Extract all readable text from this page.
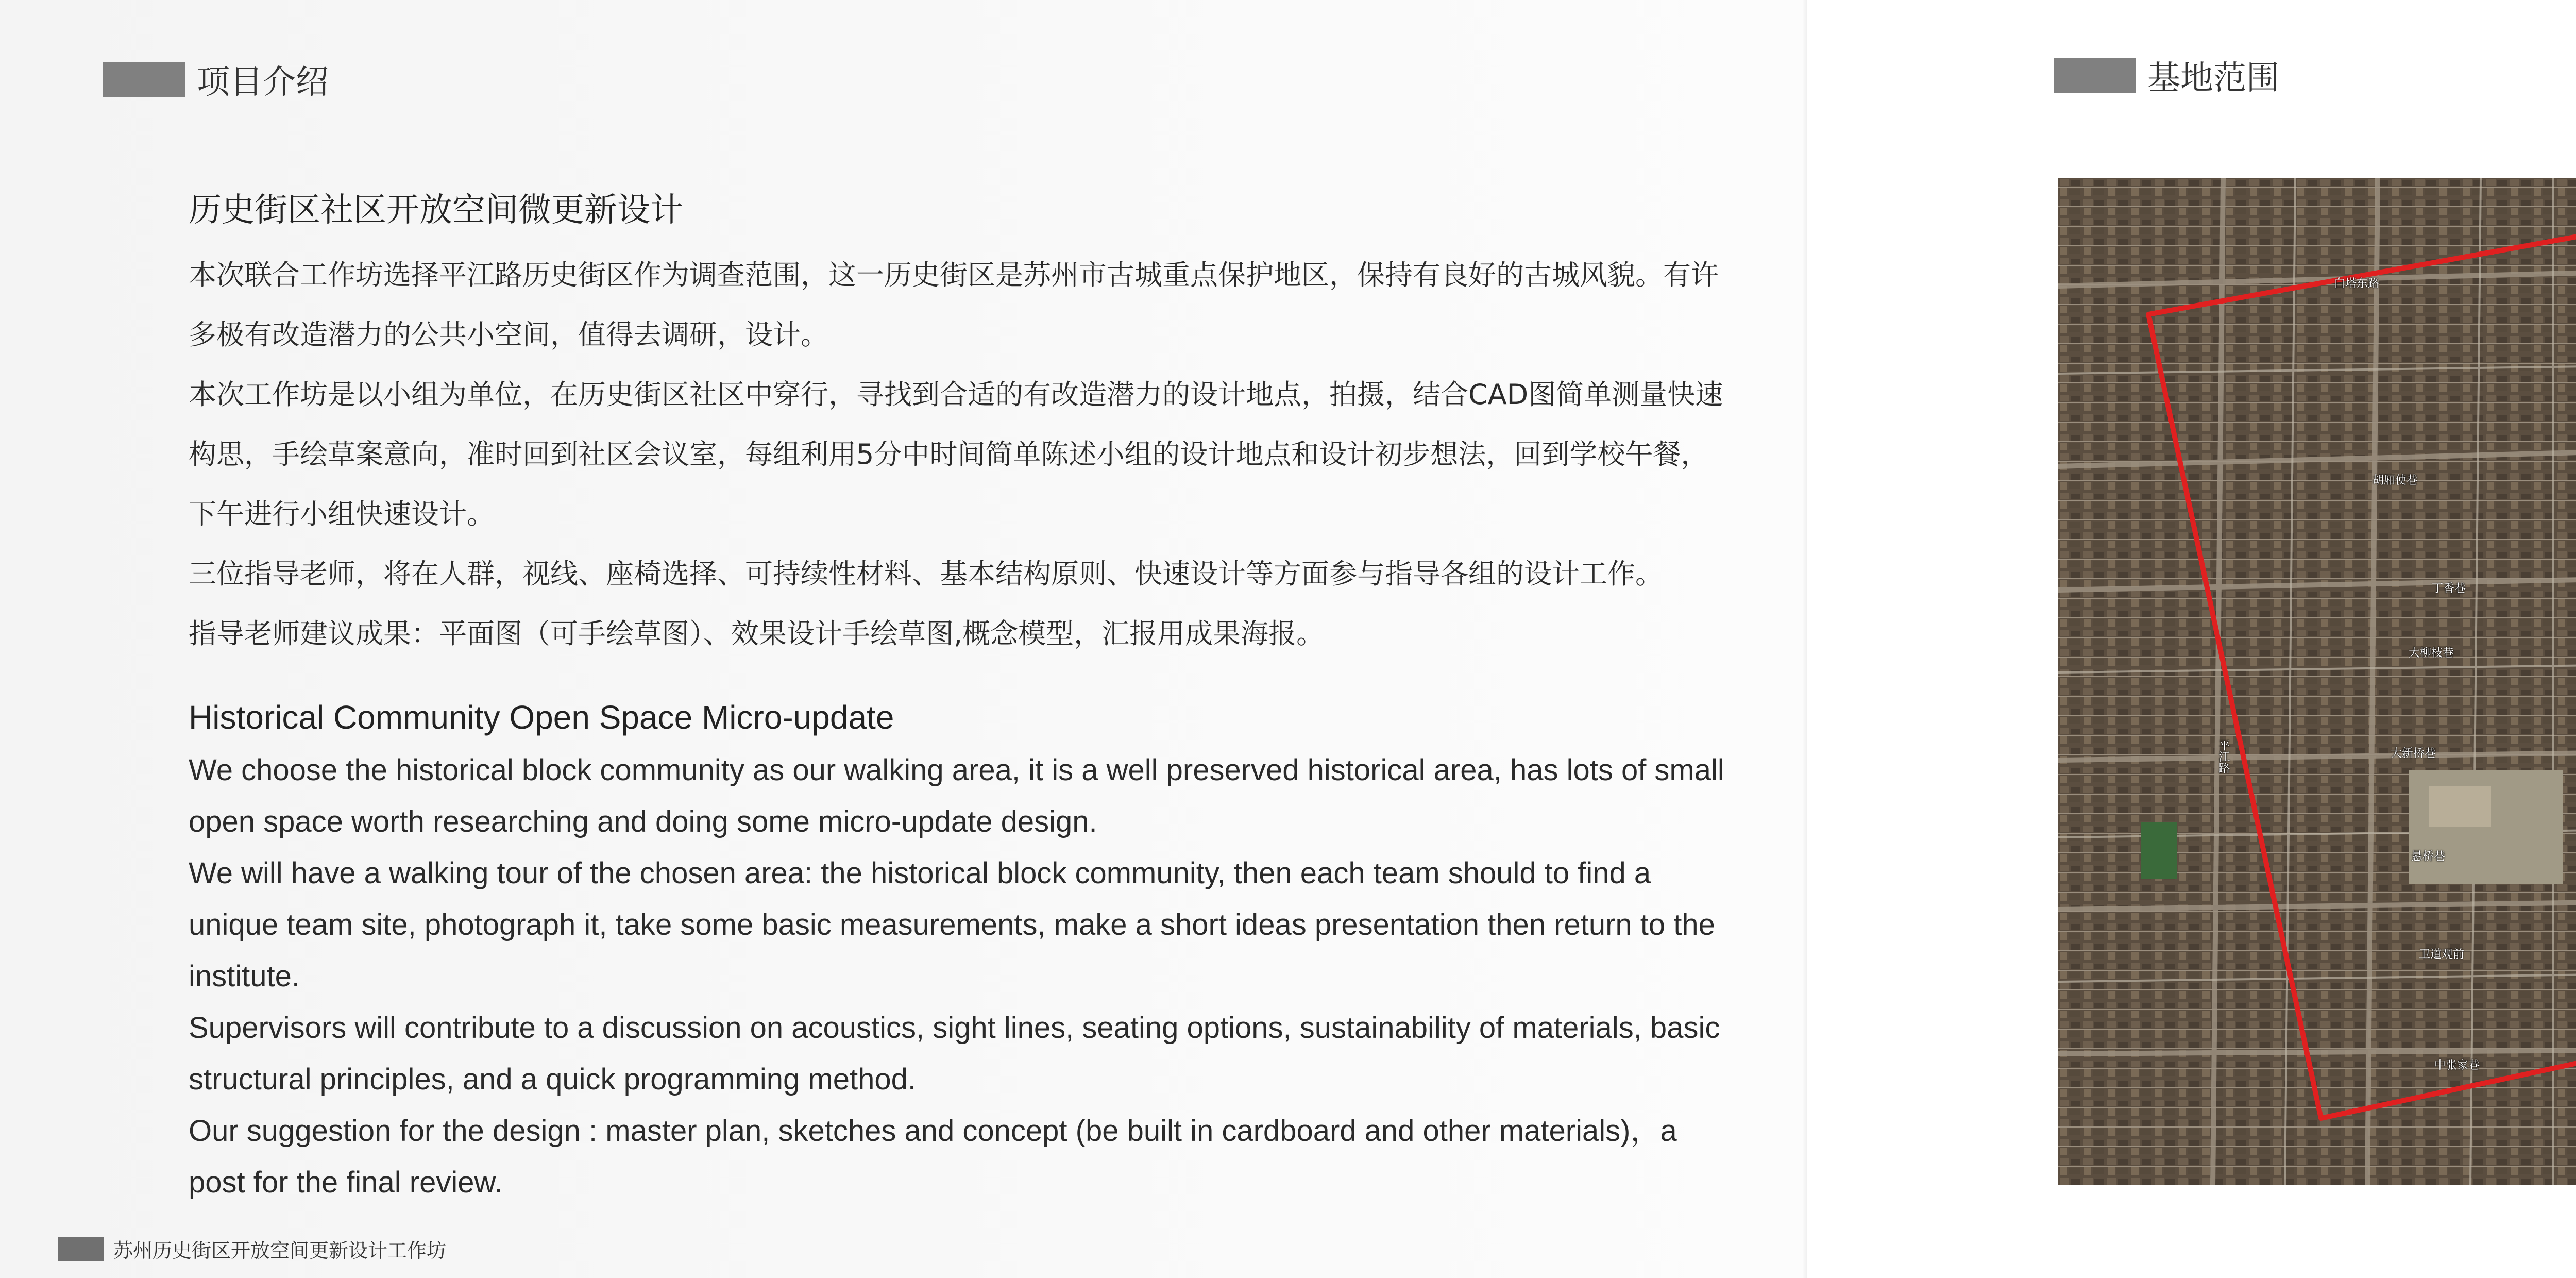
项目介绍
历史街区社区开放空间微更新设计

本次联合工作坊选择平江路历史街区作为调查范围，这一历史街区是苏州市古城重点保护地区，保持有良好的古城风貌。有许多极有改造潜力的公共小空间，值得去调研，设计。

本次工作坊是以小组为单位，在历史街区社区中穿行，寻找到合适的有改造潜力的设计地点，拍摄，结合CAD图简单测量快速构思，手绘草案意向，准时回到社区会议室，每组利用5分中时间简单陈述小组的设计地点和设计初步想法，回到学校午餐，下午进行小组快速设计。

三位指导老师，将在人群，视线、座椅选择、可持续性材料、基本结构原则、快速设计等方面参与指导各组的设计工作。

指导老师建议成果：平面图（可手绘草图）、效果设计手绘草图,概念模型，汇报用成果海报。

Historical Community Open Space Micro-update

We choose the historical block community as our walking area, it is a well preserved historical area, has lots of small open space worth researching and doing some micro-update design.

We will have a walking tour of the chosen area: the historical block community, then each team should to find a unique team site, photograph it, take some basic measurements, make a short ideas presentation then return to the institute.

Supervisors will contribute to a discussion on acoustics, sight lines, seating options, sustainability of materials, basic structural principles, and a quick programming method.

Our suggestion for the design : master plan, sketches and concept (be built in cardboard and other materials)，a post for the final review.

苏州历史街区开放空间更新设计工作坊
基地范围
白塔东路
胡厢使巷
丁香巷
大柳枝巷
大新桥巷
平江路
悬桥巷
卫道观前
中张家巷
